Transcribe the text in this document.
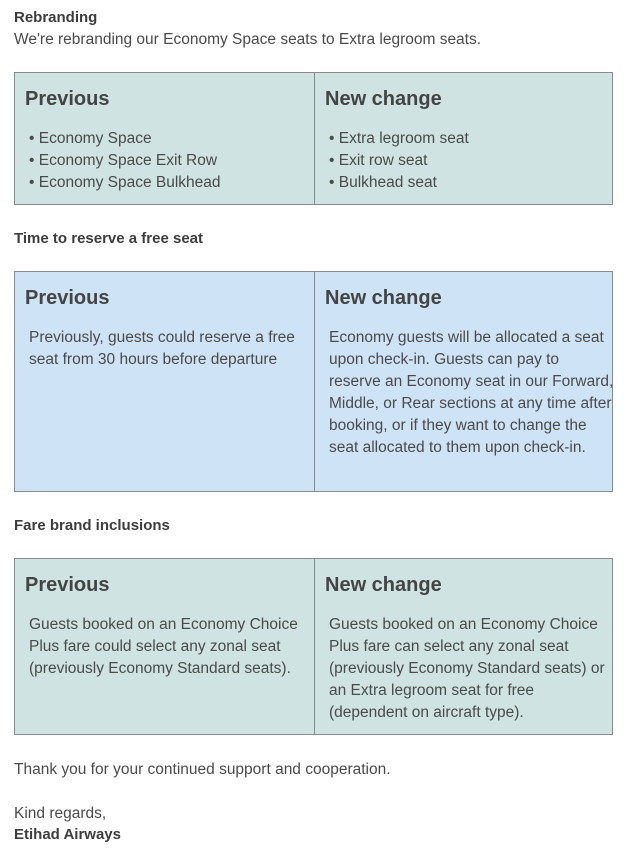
Rebranding
We're rebranding our Economy Space seats to Extra legroom seats.
Previous
• Economy Space
• Economy Space Exit Row
• Economy Space Bulkhead
New change
• Extra legroom seat
• Exit row seat
• Bulkhead seat
Time to reserve a free seat
Previous
Previously, guests could reserve a free seat from 30 hours before departure
New change
Economy guests will be allocated a seat upon check-in. Guests can pay to reserve an Economy seat in our Forward, Middle, or Rear sections at any time after booking, or if they want to change the seat allocated to them upon check-in.
Fare brand inclusions
Previous
Guests booked on an Economy Choice Plus fare could select any zonal seat (previously Economy Standard seats).
New change
Guests booked on an Economy Choice Plus fare can select any zonal seat (previously Economy Standard seats) or an Extra legroom seat for free (dependent on aircraft type).
Thank you for your continued support and cooperation.
Kind regards,
Etihad Airways
